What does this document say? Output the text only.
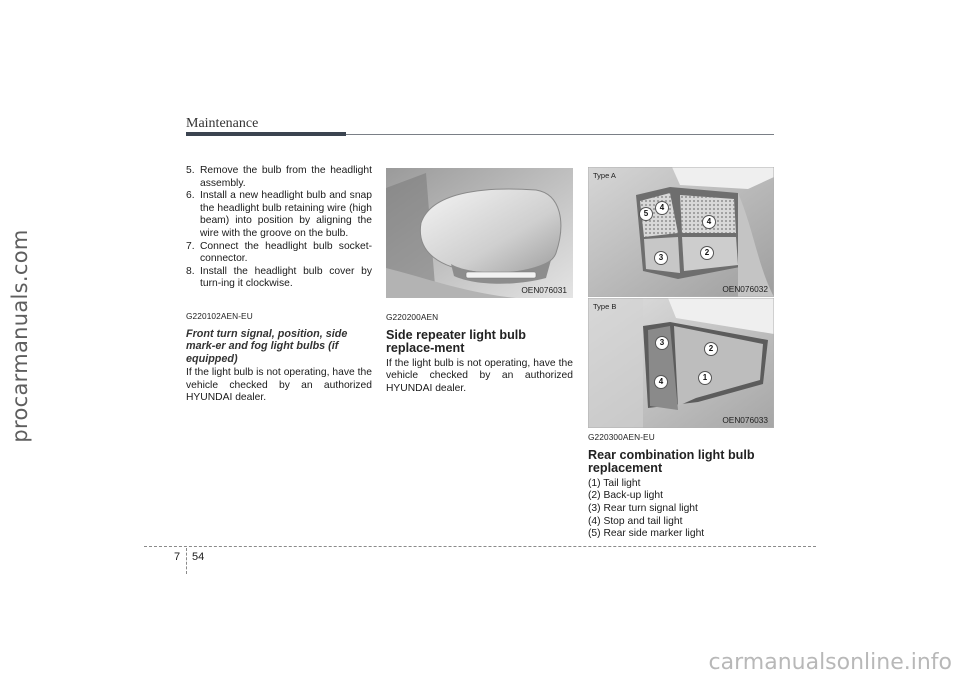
procarmanuals.com
carmanualsonline.info
Maintenance
5. Remove the bulb from the headlight assembly.
6. Install a new headlight bulb and snap the headlight bulb retaining wire (high beam) into position by aligning the wire with the groove on the bulb.
7. Connect the headlight bulb socket-connector.
8. Install the headlight bulb cover by turn-ing it clockwise.
G220102AEN-EU
Front turn signal, position, side mark-er and fog light bulbs (if equipped)
If the light bulb is not operating, have the vehicle checked by an authorized HYUNDAI dealer.
OEN076031
G220200AEN
Side repeater light bulb replace-ment
If the light bulb is not operating, have the vehicle checked by an authorized HYUNDAI dealer.
Type A
5
4
4
3
2
OEN076032
Type B
3
2
4	1
OEN076033
G220300AEN-EU
Rear combination light bulb replacement
(1) Tail light
(2) Back-up light
(3) Rear turn signal light
(4) Stop and tail light
(5) Rear side marker light
7 54
